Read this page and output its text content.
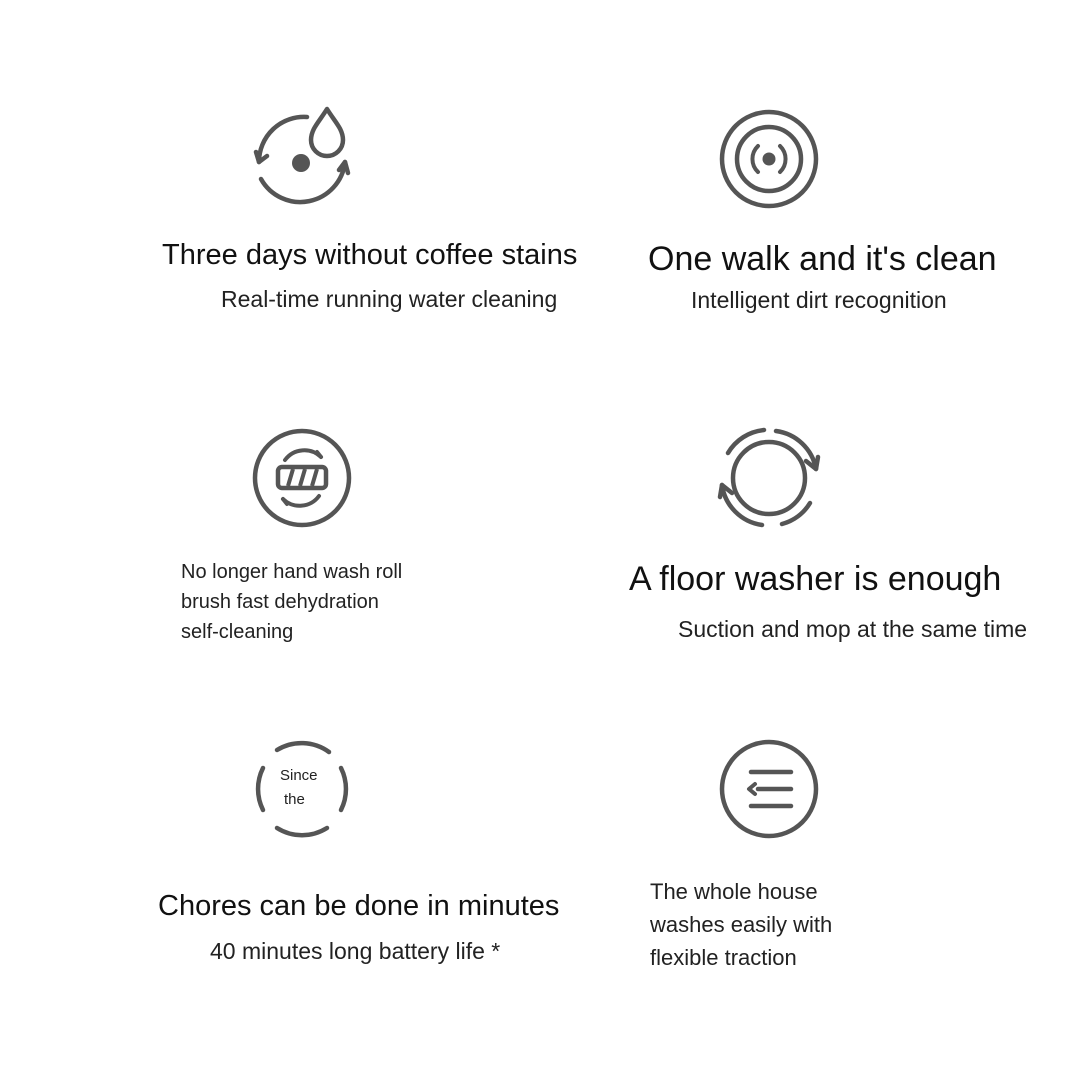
Three days without coffee stains
Real-time running water cleaning
One walk and it's clean
Intelligent dirt recognition
No longer hand wash roll
brush fast dehydration
self-cleaning
A floor washer is enough
Suction and mop at the same time
Since
the
Chores can be done in minutes
40 minutes long battery life *
The whole house
washes easily with
flexible traction
